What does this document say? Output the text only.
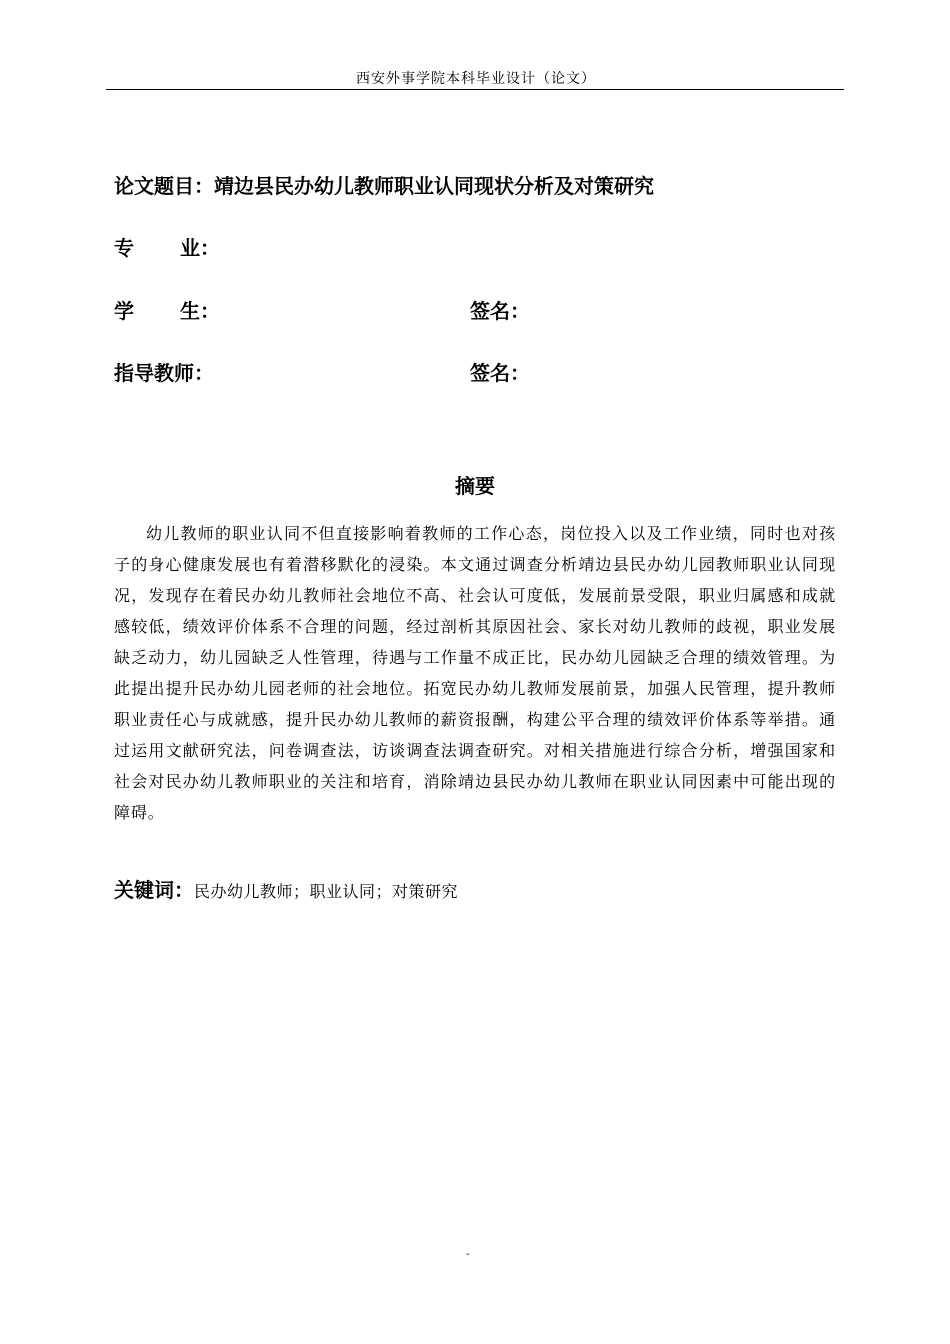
西安外事学院本科毕业设计（论文）
论文题目：靖边县民办幼儿教师职业认同现状分析及对策研究
专 业：
学 生：	签名：
指导教师：	签名：
摘要
幼儿教师的职业认同不但直接影响着教师的工作心态，岗位投入以及工作业绩，同时也对孩子的身心健康发展也有着潜移默化的浸染。本文通过调查分析靖边县民办幼儿园教师职业认同现况，发现存在着民办幼儿教师社会地位不高、社会认可度低，发展前景受限，职业归属感和成就感较低，绩效评价体系不合理的问题，经过剖析其原因社会、家长对幼儿教师的歧视，职业发展缺乏动力，幼儿园缺乏人性管理，待遇与工作量不成正比，民办幼儿园缺乏合理的绩效管理。为此提出提升民办幼儿园老师的社会地位。拓宽民办幼儿教师发展前景，加强人民管理，提升教师职业责任心与成就感，提升民办幼儿教师的薪资报酬，构建公平合理的绩效评价体系等举措。通过运用文献研究法，问卷调查法，访谈调查法调查研究。对相关措施进行综合分析，增强国家和社会对民办幼儿教师职业的关注和培育，消除靖边县民办幼儿教师在职业认同因素中可能出现的障碍。
关键词：民办幼儿教师；职业认同；对策研究
-
